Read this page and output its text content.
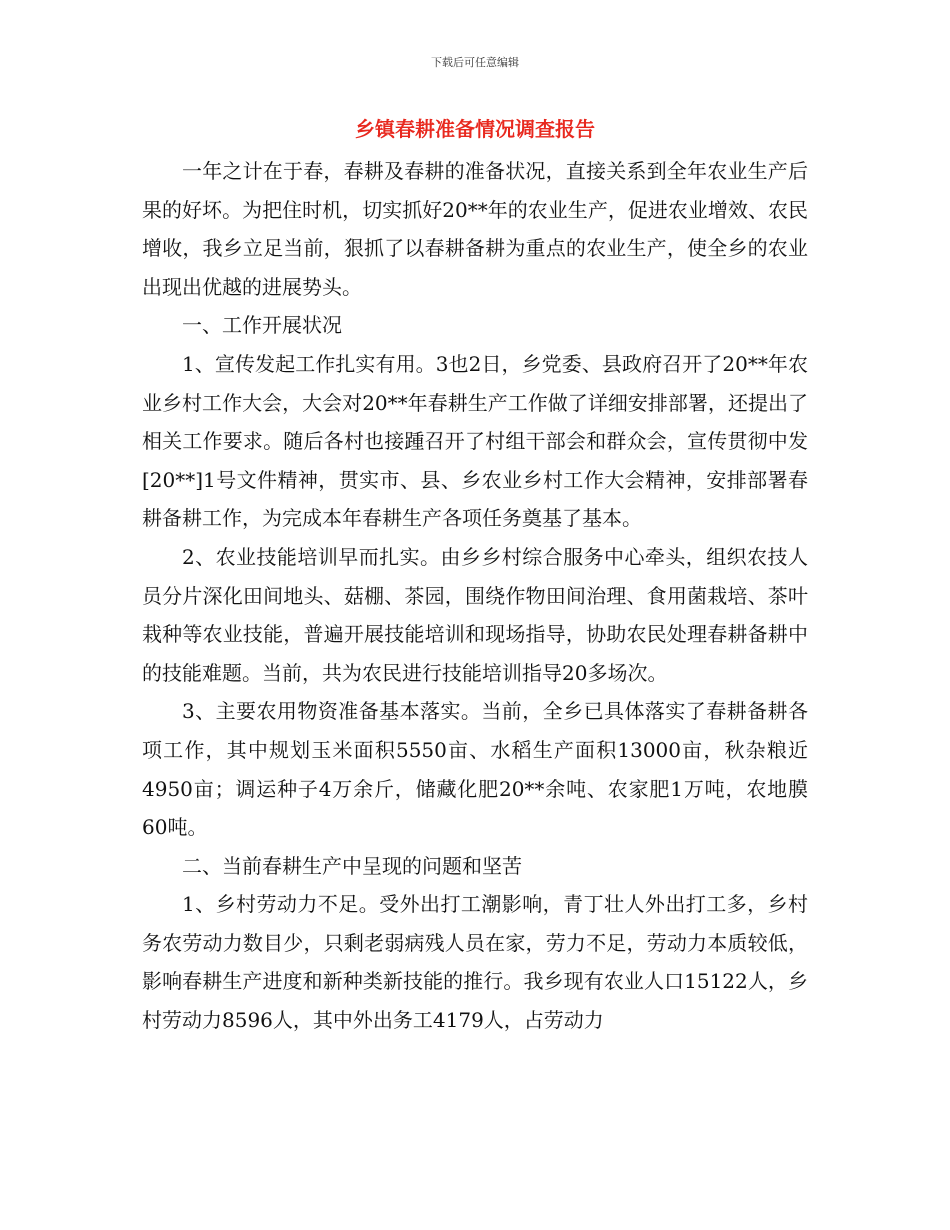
下载后可任意编辑
乡镇春耕准备情况调查报告

一年之计在于春，春耕及春耕的准备状况，直接关系到全年农业生产后果的好坏。为把住时机，切实抓好20**年的农业生产，促进农业增效、农民增收，我乡立足当前，狠抓了以春耕备耕为重点的农业生产，使全乡的农业出现出优越的进展势头。

一、工作开展状况

1、宣传发起工作扎实有用。3也2日，乡党委、县政府召开了20**年农业乡村工作大会，大会对20**年春耕生产工作做了详细安排部署，还提出了相关工作要求。随后各村也接踵召开了村组干部会和群众会，宣传贯彻中发[20**]1号文件精神，贯实市、县、乡农业乡村工作大会精神，安排部署春耕备耕工作，为完成本年春耕生产各项任务奠基了基本。

2、农业技能培训早而扎实。由乡乡村综合服务中心牵头，组织农技人员分片深化田间地头、菇棚、茶园，围绕作物田间治理、食用菌栽培、茶叶栽种等农业技能，普遍开展技能培训和现场指导，协助农民处理春耕备耕中的技能难题。当前，共为农民进行技能培训指导20多场次。

3、主要农用物资准备基本落实。当前，全乡已具体落实了春耕备耕各项工作，其中规划玉米面积5550亩、水稻生产面积13000亩，秋杂粮近4950亩；调运种子4万余斤，储藏化肥20**余吨、农家肥1万吨，农地膜60吨。

二、当前春耕生产中呈现的问题和坚苦

1、乡村劳动力不足。受外出打工潮影响，青丁壮人外出打工多，乡村务农劳动力数目少，只剩老弱病残人员在家，劳力不足，劳动力本质较低，影响春耕生产进度和新种类新技能的推行。我乡现有农业人口15122人，乡村劳动力8596人，其中外出务工4179人，占劳动力
